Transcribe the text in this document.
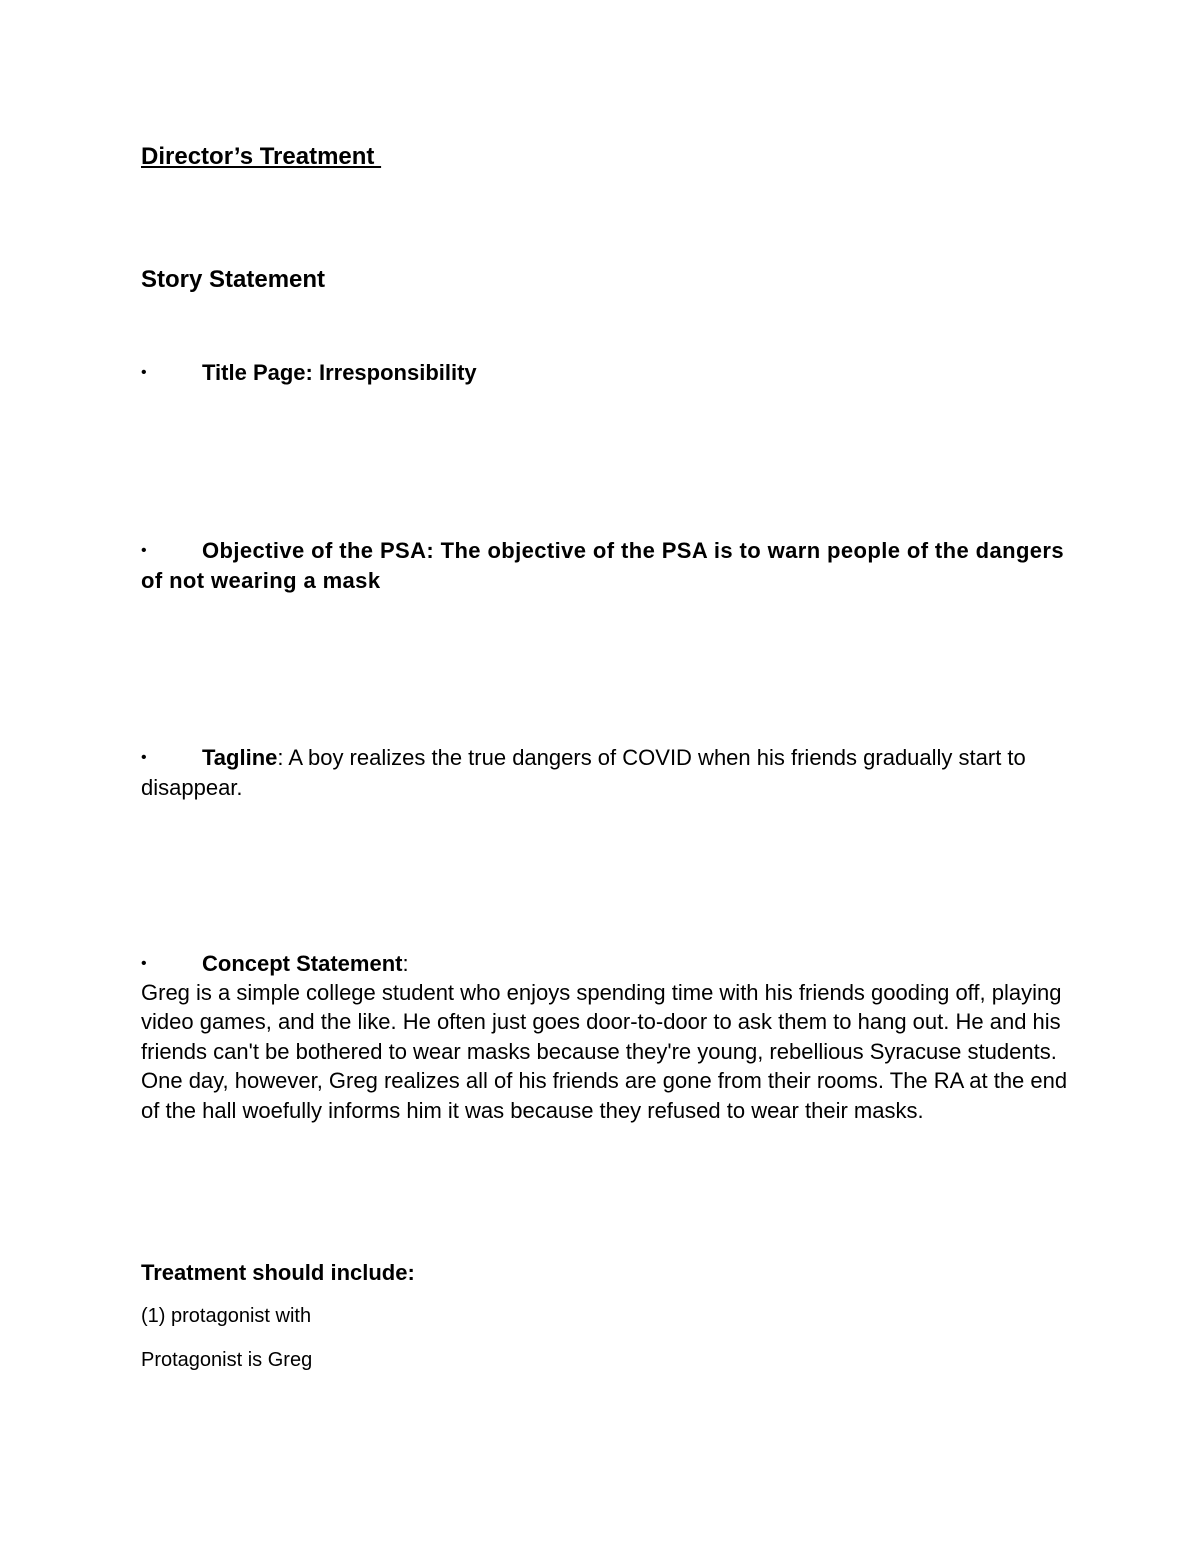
Director’s Treatment

Story Statement

•	Title Page: Irresponsibility

•	Objective of the PSA: The objective of the PSA is to warn people of the dangers of not wearing a mask

•	Tagline: A boy realizes the true dangers of COVID when his friends gradually start to disappear.

•	Concept Statement:

Greg is a simple college student who enjoys spending time with his friends gooding off, playing video games, and the like. He often just goes door-to-door to ask them to hang out. He and his friends can't be bothered to wear masks because they're young, rebellious Syracuse students. One day, however, Greg realizes all of his friends are gone from their rooms. The RA at the end of the hall woefully informs him it was because they refused to wear their masks.

Treatment should include:

(1) protagonist with

Protagonist is Greg
